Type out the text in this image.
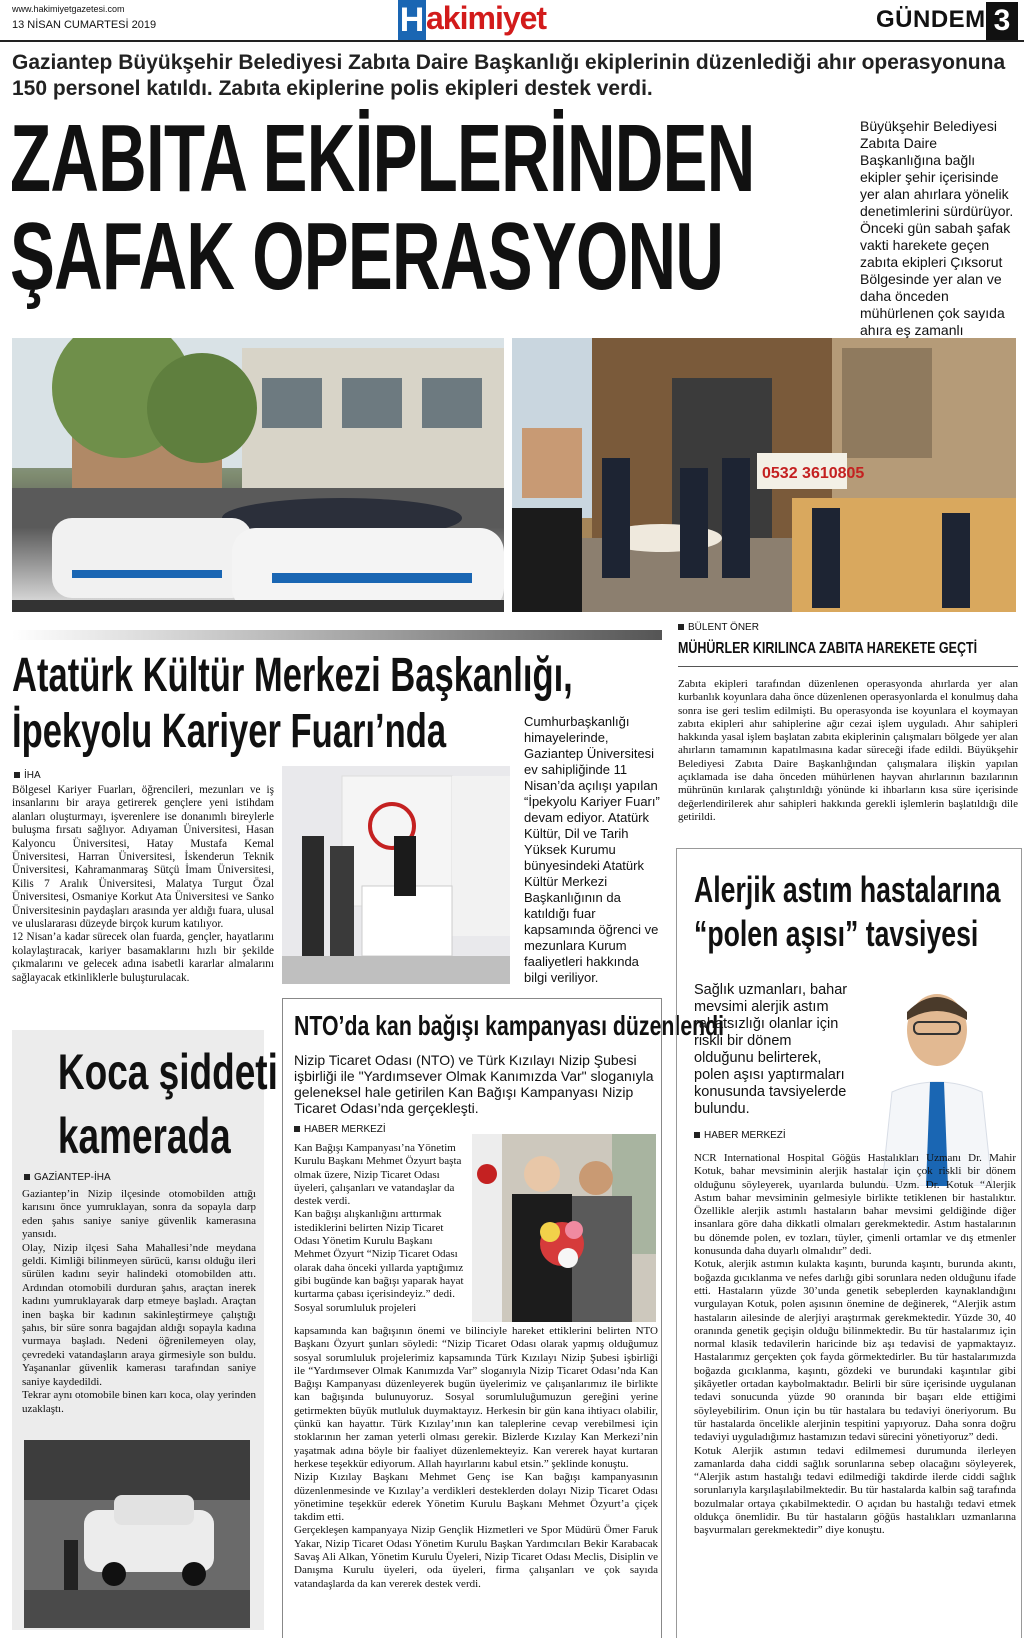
www.hakimiyetgazetesi.com
13 NİSAN CUMARTESİ 2019	H akimiyet	GÜNDEM 3
Gaziantep Büyükşehir Belediyesi Zabıta Daire Başkanlığı ekiplerinin düzenlediği ahır operasyonuna 150 personel katıldı. Zabıta ekiplerine polis ekipleri destek verdi.
ZABITA EKİPLERİNDEN
ŞAFAK OPERASYONU
Büyükşehir Belediyesi Zabıta Daire Başkanlığına bağlı ekipler şehir içerisinde yer alan ahırlara yönelik denetimlerini sürdürüyor. Önceki gün sabah şafak vakti harekete geçen zabıta ekipleri Çıksorut Bölgesinde yer alan ve daha önceden mühürlenen çok sayıda ahıra eş zamanlı
0532 3610805
BÜLENT ÖNER
MÜHÜRLER KIRILINCA ZABITA HAREKETE GEÇTİ

Zabıta ekipleri tarafından düzenlenen operasyonda ahırlarda yer alan kurbanlık koyunlara daha önce düzenlenen operasyonlarda el konulmuş daha sonra ise geri teslim edilmişti. Bu operasyonda ise koyunlara el koymayan zabıta ekipleri ahır sahiplerine ağır cezai işlem uyguladı. Ahır sahipleri hakkında yasal işlem başlatan zabıta ekiplerinin çalışmaları bölgede yer alan ahırların tamamının kapatılmasına kadar süreceği ifade edildi. Büyükşehir Belediyesi Zabıta Daire Başkanlığından çalışmalara ilişkin yapılan açıklamada ise daha önceden mühürlenen hayvan ahırlarının bazılarının mührünün kırılarak çalıştırıldığı yönünde ki ihbarların kısa süre içerisinde değerlendirilerek ahır sahipleri hakkında gerekli işlemlerin başlatıldığı dile getirildi.

Atatürk Kültür Merkezi Başkanlığı,
İpekyolu Kariyer Fuarı’nda	Cumhurbaşkanlığı himayelerinde, Gaziantep Üniversitesi ev sahipliğinde 11 Nisan’da açılışı yapılan “İpekyolu Kariyer Fuarı” devam ediyor. Atatürk Kültür, Dil ve Tarih Yüksek Kurumu bünyesindeki Atatürk Kültür Merkezi Başkanlığının da katıldığı fuar kapsamında öğrenci ve mezunlara Kurum faaliyetleri hakkında bilgi veriliyor.
İHA

Bölgesel Kariyer Fuarları, öğrencileri, mezunları ve iş insanlarını bir araya getirerek gençlere yeni istihdam alanları oluşturmayı, işverenlere ise donanımlı bireylerle buluşma fırsatı sağlıyor. Adıyaman Üniversitesi, Hasan Kalyoncu Üniversitesi, Hatay Mustafa Kemal Üniversitesi, Harran Üniversitesi, İskenderun Teknik Üniversitesi, Kahramanmaraş Sütçü İmam Üniversitesi, Kilis 7 Aralık Üniversitesi, Malatya Turgut Özal Üniversitesi, Osmaniye Korkut Ata Üniversitesi ve Sanko Üniversitesinin paydaşları arasında yer aldığı fuara, ulusal ve uluslararası düzeyde birçok kurum katılıyor.

12 Nisan’a kadar sürecek olan fuarda, gençler, hayatlarını kolaylaştıracak, kariyer basamaklarını hızlı bir şekilde çıkmalarını ve gelecek adına isabetli kararlar almalarını sağlayacak etkinliklerle buluşturulacak.

Koca şiddeti
kamerada
GAZİANTEP-İHA

Gaziantep’in Nizip ilçesinde otomobilden attığı karısını önce yumruklayan, sonra da sopayla darp eden şahıs saniye saniye güvenlik kamerasına yansıdı.

Olay, Nizip ilçesi Saha Mahallesi’nde meydana geldi. Kimliği bilinmeyen sürücü, karısı olduğu ileri sürülen kadını seyir halindeki otomobilden attı. Ardından otomobili durduran şahıs, araçtan inerek kadını yumruklayarak darp etmeye başladı. Araçtan inen başka bir kadının sakinleştirmeye çalıştığı şahıs, bir süre sonra bagajdan aldığı sopayla kadına vurmaya başladı. Nedeni öğrenilemeyen olay, çevredeki vatandaşların araya girmesiyle son buldu. Yaşananlar güvenlik kamerası tarafından saniye saniye kaydedildi.

Tekrar aynı otomobile binen karı koca, olay yerinden uzaklaştı.

NTO’da kan bağışı kampanyası düzenlendi
Nizip Ticaret Odası (NTO) ve Türk Kızılayı Nizip Şubesi işbirliği ile "Yardımsever Olmak Kanımızda Var" sloganıyla geleneksel hale getirilen Kan Bağışı Kampanyası Nizip Ticaret Odası’nda gerçekleşti.
HABER MERKEZİ

Kan Bağışı Kampanyası’na Yönetim Kurulu Başkanı Mehmet Özyurt başta olmak üzere, Nizip Ticaret Odası üyeleri, çalışanları ve vatandaşlar da destek verdi.

Kan bağışı alışkanlığını arttırmak istediklerini belirten Nizip Ticaret Odası Yönetim Kurulu Başkanı Mehmet Özyurt “Nizip Ticaret Odası olarak daha önceki yıllarda yaptığımız gibi bugünde kan bağışı yaparak hayat kurtarma çabası içerisindeyiz.” dedi.

Sosyal sorumluluk projeleri

kapsamında kan bağışının önemi ve bilinciyle hareket ettiklerini belirten NTO Başkanı Özyurt şunları söyledi: “Nizip Ticaret Odası olarak yapmış olduğumuz sosyal sorumluluk projelerimiz kapsamında Türk Kızılayı Nizip Şubesi işbirliği ile “Yardımsever Olmak Kanımızda Var” sloganıyla Nizip Ticaret Odası’nda Kan Bağışı Kampanyası düzenleyerek bugün üyelerimiz ve çalışanlarımız ile birlikte kan bağışında bulunuyoruz. Sosyal sorumluluğumuzun gereğini yerine getirmekten büyük mutluluk duymaktayız. Herkesin bir gün kana ihtiyacı olabilir, çünkü kan hayattır. Türk Kızılay’ının kan taleplerine cevap verebilmesi için stoklarının her zaman yeterli olması gerekir. Bizlerde Kızılay Kan Merkezi’nin yaşatmak adına böyle bir faaliyet düzenlemekteyiz. Kan vererek hayat kurtaran herkese teşekkür ediyorum. Allah hayırlarını kabul etsin.” şeklinde konuştu.

Nizip Kızılay Başkanı Mehmet Genç ise Kan bağışı kampanyasının düzenlenmesinde ve Kızılay’a verdikleri desteklerden dolayı Nizip Ticaret Odası yönetimine teşekkür ederek Yönetim Kurulu Başkanı Mehmet Özyurt’a çiçek takdim etti.

Gerçekleşen kampanyaya Nizip Gençlik Hizmetleri ve Spor Müdürü Ömer Faruk Yakar, Nizip Ticaret Odası Yönetim Kurulu Başkan Yardımcıları Bekir Karabacak Savaş Ali Alkan, Yönetim Kurulu Üyeleri, Nizip Ticaret Odası Meclis, Disiplin ve Danışma Kurulu üyeleri, oda üyeleri, firma çalışanları ve çok sayıda vatandaşlarda da kan vererek destek verdi.

Alerjik astım hastalarına
“polen aşısı” tavsiyesi
Sağlık uzmanları, bahar mevsimi alerjik astım rahatsızlığı olanlar için riskli bir dönem olduğunu belirterek, polen aşısı yaptırmaları konusunda tavsiyelerde bulundu.
HABER MERKEZİ

NCR International Hospital Göğüs Hastalıkları Uzmanı Dr. Mahir Kotuk, bahar mevsiminin alerjik hastalar için çok riskli bir dönem olduğunu söyleyerek, uyarılarda bulundu. Uzm. Dr. Kotuk “Alerjik Astım bahar mevsiminin gelmesiyle birlikte tetiklenen bir hastalıktır. Özellikle alerjik astımlı hastaların bahar mevsimi geldiğinde diğer insanlara göre daha dikkatli olmaları gerekmektedir. Astım hastalarının bu dönemde polen, ev tozları, tüyler, çimenli ortamlar ve dış etmenler konusunda daha duyarlı olmalıdır” dedi.

Kotuk, alerjik astımın kulakta kaşıntı, burunda kaşıntı, burunda akıntı, boğazda gıcıklanma ve nefes darlığı gibi sorunlara neden olduğunu ifade etti. Hastaların yüzde 30’unda genetik sebeplerden kaynaklandığını vurgulayan Kotuk, polen aşısının önemine de değinerek, “Alerjik astım hastaların ailesinde de alerjiyi araştırmak gerekmektedir. Yüzde 30, 40 oranında genetik geçişin olduğu bilinmektedir. Bu tür hastalarımız için normal klasik tedavilerin haricinde biz aşı tedavisi de yapmaktayız. Hastalarımız gerçekten çok fayda görmektedirler. Bu tür hastalarımızda boğazda gıcıklanma, kaşıntı, gözdeki ve burundaki kaşıntılar gibi şikâyetler ortadan kaybolmaktadır. Belirli bir süre içerisinde uygulanan tedavi sonucunda yüzde 90 oranında bir başarı elde ettiğimi söyleyebilirim. Onun için bu tür hastalara bu tedaviyi öneriyorum. Bu tür hastalarda öncelikle alerjinin tespitini yapıyoruz. Daha sonra doğru tedaviyi uyguladığımız hastamızın tedavi sürecini yönetiyoruz” dedi.

Kotuk Alerjik astımın tedavi edilmemesi durumunda ilerleyen zamanlarda daha ciddi sağlık sorunlarına sebep olacağını söyleyerek, “Alerjik astım hastalığı tedavi edilmediği takdirde ilerde ciddi sağlık sorunlarıyla karşılaşılabilmektedir. Bu tür hastalarda kalbin sağ tarafında bozulmalar ortaya çıkabilmektedir. O açıdan bu hastalığı tedavi etmek oldukça önemlidir. Bu tür hastaların göğüs hastalıkları uzmanlarına başvurmaları gerekmektedir” diye konuştu.
